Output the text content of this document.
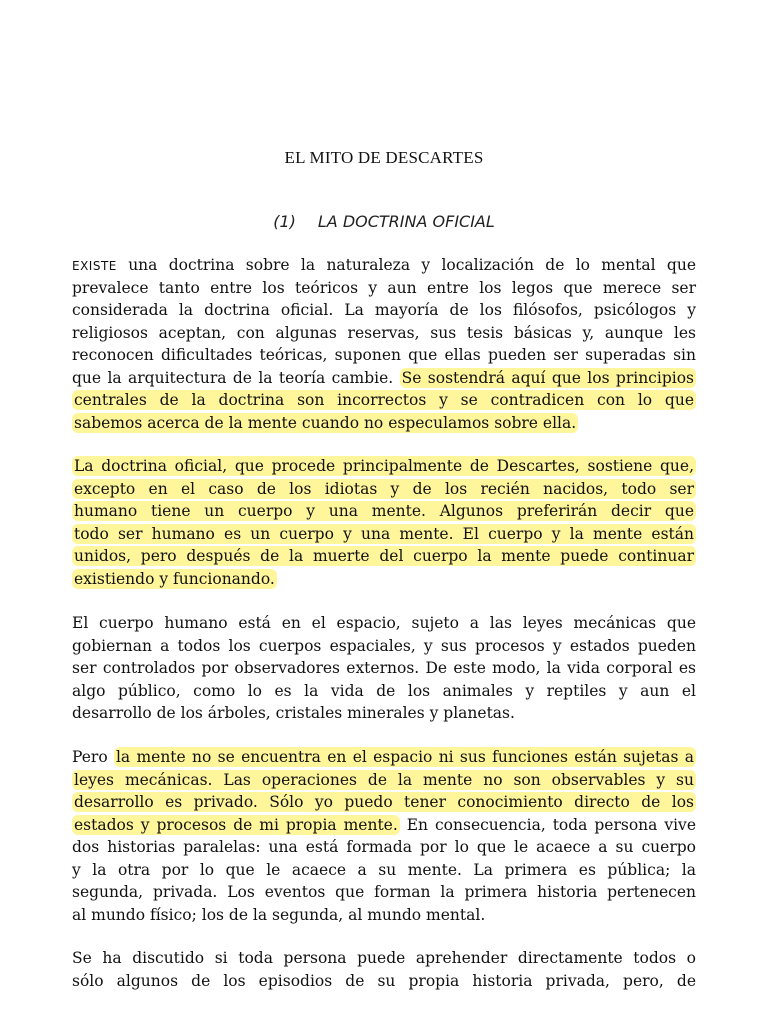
EL MITO DE DESCARTES
(1) LA DOCTRINA OFICIAL
EXISTE una doctrina sobre la naturaleza y localización de lo mental que
prevalece tanto entre los teóricos y aun entre los legos que merece ser
considerada la doctrina oficial. La mayoría de los filósofos, psicólogos y
religiosos aceptan, con algunas reservas, sus tesis básicas y, aunque les
reconocen dificultades teóricas, suponen que ellas pueden ser superadas sin
que la arquitectura de la teoría cambie. Se sostendrá aquí que los principios
centrales de la doctrina son incorrectos y se contradicen con lo que
sabemos acerca de la mente cuando no especulamos sobre ella.
La doctrina oficial, que procede principalmente de Descartes, sostiene que,
excepto en el caso de los idiotas y de los recién nacidos, todo ser
humano tiene un cuerpo y una mente. Algunos preferirán decir que
todo ser humano es un cuerpo y una mente. El cuerpo y la mente están
unidos, pero después de la muerte del cuerpo la mente puede continuar
existiendo y funcionando.
El cuerpo humano está en el espacio, sujeto a las leyes mecánicas que
gobiernan a todos los cuerpos espaciales, y sus procesos y estados pueden
ser controlados por observadores externos. De este modo, la vida corporal es
algo público, como lo es la vida de los animales y reptiles y aun el
desarrollo de los árboles, cristales minerales y planetas.
Pero la mente no se encuentra en el espacio ni sus funciones están sujetas a
leyes mecánicas. Las operaciones de la mente no son observables y su
desarrollo es privado. Sólo yo puedo tener conocimiento directo de los
estados y procesos de mi propia mente. En consecuencia, toda persona vive
dos historias paralelas: una está formada por lo que le acaece a su cuerpo
y la otra por lo que le acaece a su mente. La primera es pública; la
segunda, privada. Los eventos que forman la primera historia pertenecen
al mundo físico; los de la segunda, al mundo mental.
Se ha discutido si toda persona puede aprehender directamente todos o
sólo algunos de los episodios de su propia historia privada, pero, de
